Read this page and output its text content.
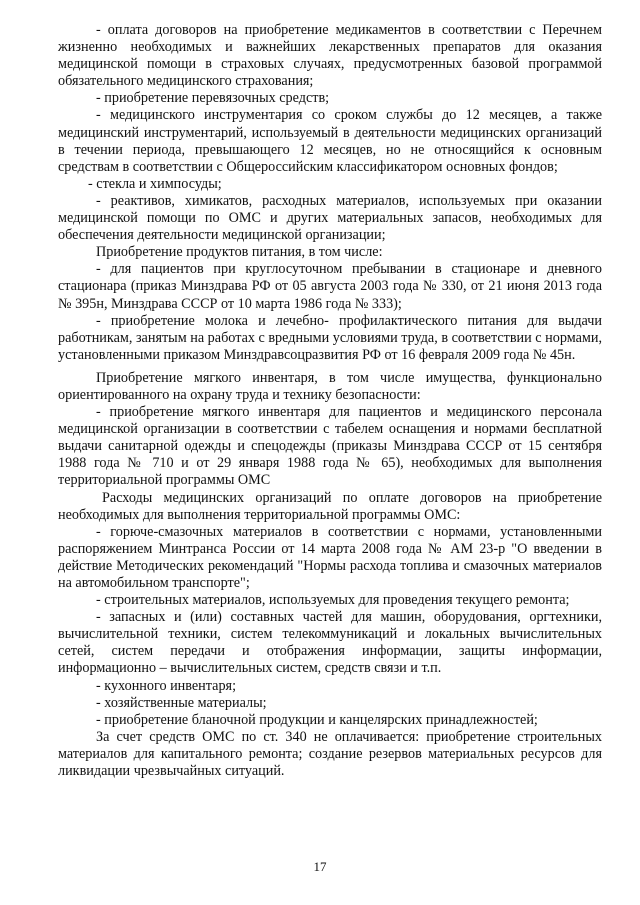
- оплата договоров на приобретение медикаментов в соответствии с Перечнем жизненно необходимых и важнейших лекарственных препаратов для оказания медицинской помощи в страховых случаях, предусмотренных базовой программой обязательного медицинского страхования;

- приобретение перевязочных средств;

- медицинского инструментария со сроком службы до 12 месяцев, а также медицинский инструментарий, используемый в деятельности медицинских организаций в течении периода, превышающего 12 месяцев, но не относящийся к основным средствам в соответствии с Общероссийским классификатором основных фондов;

- стекла и химпосуды;

- реактивов, химикатов, расходных материалов, используемых при оказании медицинской помощи по ОМС и других материальных запасов, необходимых для обеспечения деятельности медицинской организации;

Приобретение продуктов питания, в том числе:

- для пациентов при круглосуточном пребывании в стационаре и дневного стационара (приказ Минздрава РФ от 05 августа 2003 года № 330, от 21 июня 2013 года № 395н, Минздрава СССР от 10 марта 1986 года № 333);

- приобретение молока и лечебно- профилактического питания для выдачи работникам, занятым на работах с вредными условиями труда, в соответствии с нормами, установленными приказом Минздравсоцразвития РФ от 16 февраля 2009 года № 45н.

Приобретение мягкого инвентаря, в том числе имущества, функционально ориентированного на охрану труда и технику безопасности:

- приобретение мягкого инвентаря для пациентов и медицинского персонала медицинской организации в соответствии с табелем оснащения и нормами бесплатной выдачи санитарной одежды и спецодежды (приказы Минздрава СССР от 15 сентября 1988 года № 710 и от 29 января 1988 года № 65), необходимых для выполнения территориальной программы ОМС

Расходы медицинских организаций по оплате договоров на приобретение необходимых для выполнения территориальной программы ОМС:

- горюче-смазочных материалов в соответствии с нормами, установленными распоряжением Минтранса России от 14 марта 2008 года № АМ 23-р "О введении в действие Методических рекомендаций "Нормы расхода топлива и смазочных материалов на автомобильном транспорте";

- строительных материалов, используемых для проведения текущего ремонта;

- запасных и (или) составных частей для машин, оборудования, оргтехники, вычислительной техники, систем телекоммуникаций и локальных вычислительных сетей, систем передачи и отображения информации, защиты информации, информационно – вычислительных систем, средств связи и т.п.

- кухонного инвентаря;

- хозяйственные материалы;

- приобретение бланочной продукции и канцелярских принадлежностей;

За счет средств ОМС по ст. 340 не оплачивается: приобретение строительных материалов для капитального ремонта; создание резервов материальных ресурсов для ликвидации чрезвычайных ситуаций.

17
